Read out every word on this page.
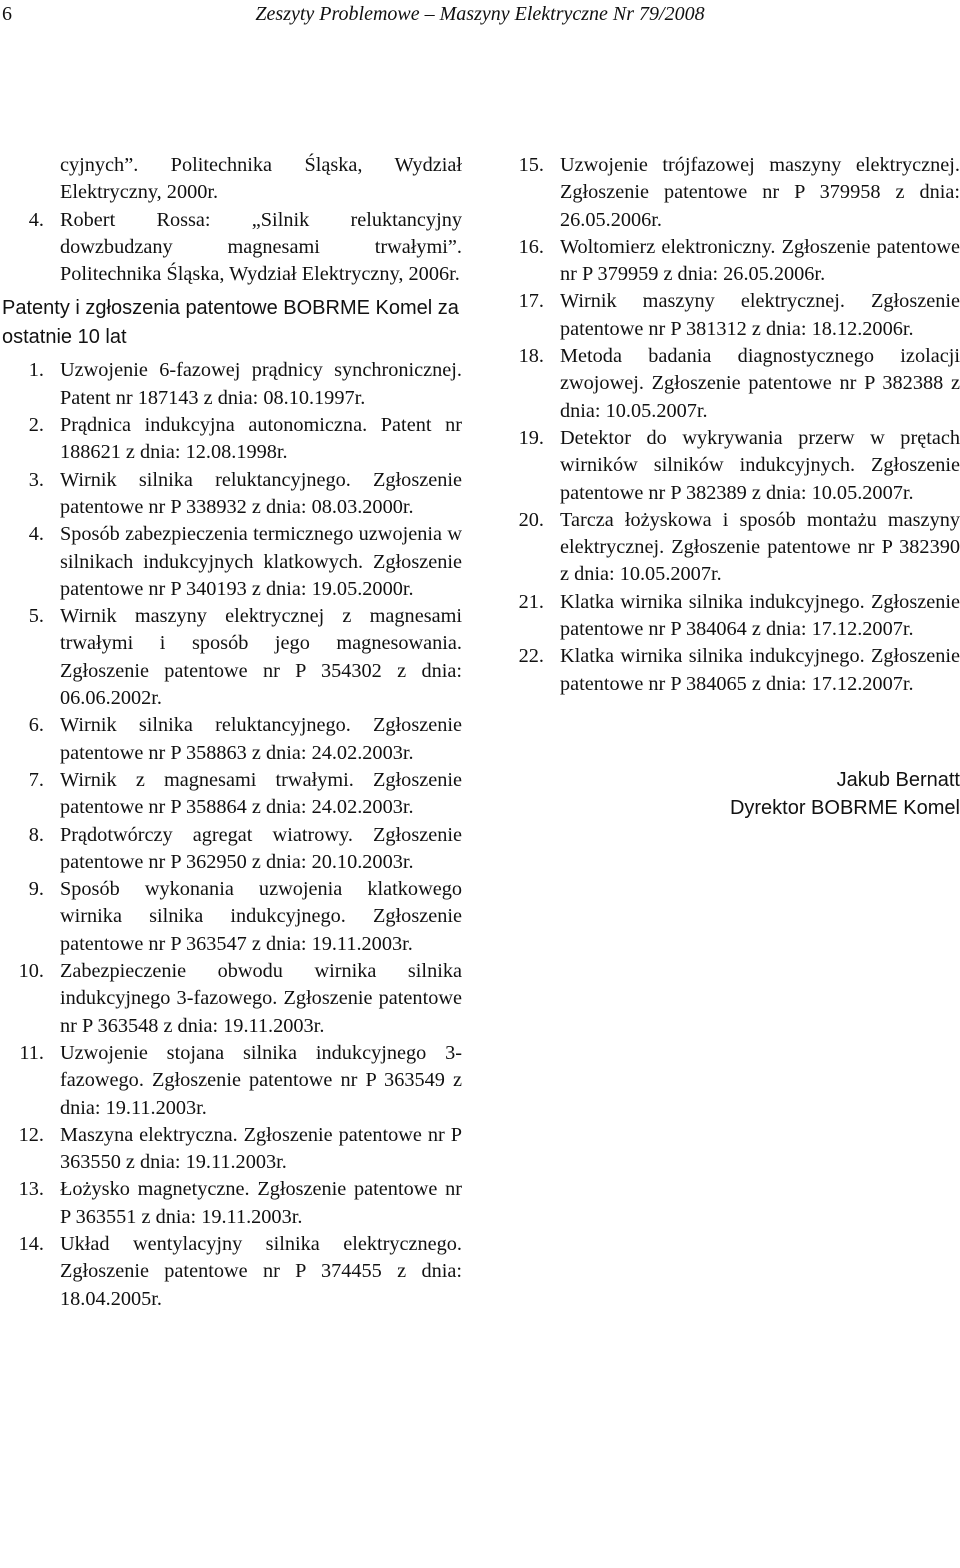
6	Zeszyty Problemowe – Maszyny Elektryczne Nr 79/2008
cyjnych”. Politechnika Śląska, Wydział Elektryczny, 2000r.
4. Robert Rossa: „Silnik reluktancyjny dowzbudzany magnesami trwałymi”. Politechnika Śląska, Wydział Elektryczny, 2006r.
Patenty i zgłoszenia patentowe BOBRME Komel za ostatnie 10 lat
1. Uzwojenie 6-fazowej prądnicy synchronicznej. Patent nr 187143 z dnia: 08.10.1997r.
2. Prądnica indukcyjna autonomiczna. Patent nr 188621 z dnia: 12.08.1998r.
3. Wirnik silnika reluktancyjnego. Zgłoszenie patentowe nr P 338932 z dnia: 08.03.2000r.
4. Sposób zabezpieczenia termicznego uzwojenia w silnikach indukcyjnych klatkowych. Zgłoszenie patentowe nr P 340193 z dnia: 19.05.2000r.
5. Wirnik maszyny elektrycznej z magnesami trwałymi i sposób jego magnesowania. Zgłoszenie patentowe nr P 354302 z dnia: 06.06.2002r.
6. Wirnik silnika reluktancyjnego. Zgłoszenie patentowe nr P 358863 z dnia: 24.02.2003r.
7. Wirnik z magnesami trwałymi. Zgłoszenie patentowe nr P 358864 z dnia: 24.02.2003r.
8. Prądotwórczy agregat wiatrowy. Zgłoszenie patentowe nr P 362950 z dnia: 20.10.2003r.
9. Sposób wykonania uzwojenia klatkowego wirnika silnika indukcyjnego. Zgłoszenie patentowe nr P 363547 z dnia: 19.11.2003r.
10. Zabezpieczenie obwodu wirnika silnika indukcyjnego 3-fazowego. Zgłoszenie patentowe nr P 363548 z dnia: 19.11.2003r.
11. Uzwojenie stojana silnika indukcyjnego 3-fazowego. Zgłoszenie patentowe nr P 363549 z dnia: 19.11.2003r.
12. Maszyna elektryczna. Zgłoszenie patentowe nr P 363550 z dnia: 19.11.2003r.
13. Łożysko magnetyczne. Zgłoszenie patentowe nr P 363551 z dnia: 19.11.2003r.
14. Układ wentylacyjny silnika elektrycznego. Zgłoszenie patentowe nr P 374455 z dnia: 18.04.2005r.
15. Uzwojenie trójfazowej maszyny elektrycznej. Zgłoszenie patentowe nr P 379958 z dnia: 26.05.2006r.
16. Woltomierz elektroniczny. Zgłoszenie patentowe nr P 379959 z dnia: 26.05.2006r.
17. Wirnik maszyny elektrycznej. Zgłoszenie patentowe nr P 381312 z dnia: 18.12.2006r.
18. Metoda badania diagnostycznego izolacji zwojowej. Zgłoszenie patentowe nr P 382388 z dnia: 10.05.2007r.
19. Detektor do wykrywania przerw w prętach wirników silników indukcyjnych. Zgłoszenie patentowe nr P 382389 z dnia: 10.05.2007r.
20. Tarcza łożyskowa i sposób montażu maszyny elektrycznej. Zgłoszenie patentowe nr P 382390 z dnia: 10.05.2007r.
21. Klatka wirnika silnika indukcyjnego. Zgłoszenie patentowe nr P 384064 z dnia: 17.12.2007r.
22. Klatka wirnika silnika indukcyjnego. Zgłoszenie patentowe nr P 384065 z dnia: 17.12.2007r.
Jakub Bernatt
Dyrektor BOBRME Komel
